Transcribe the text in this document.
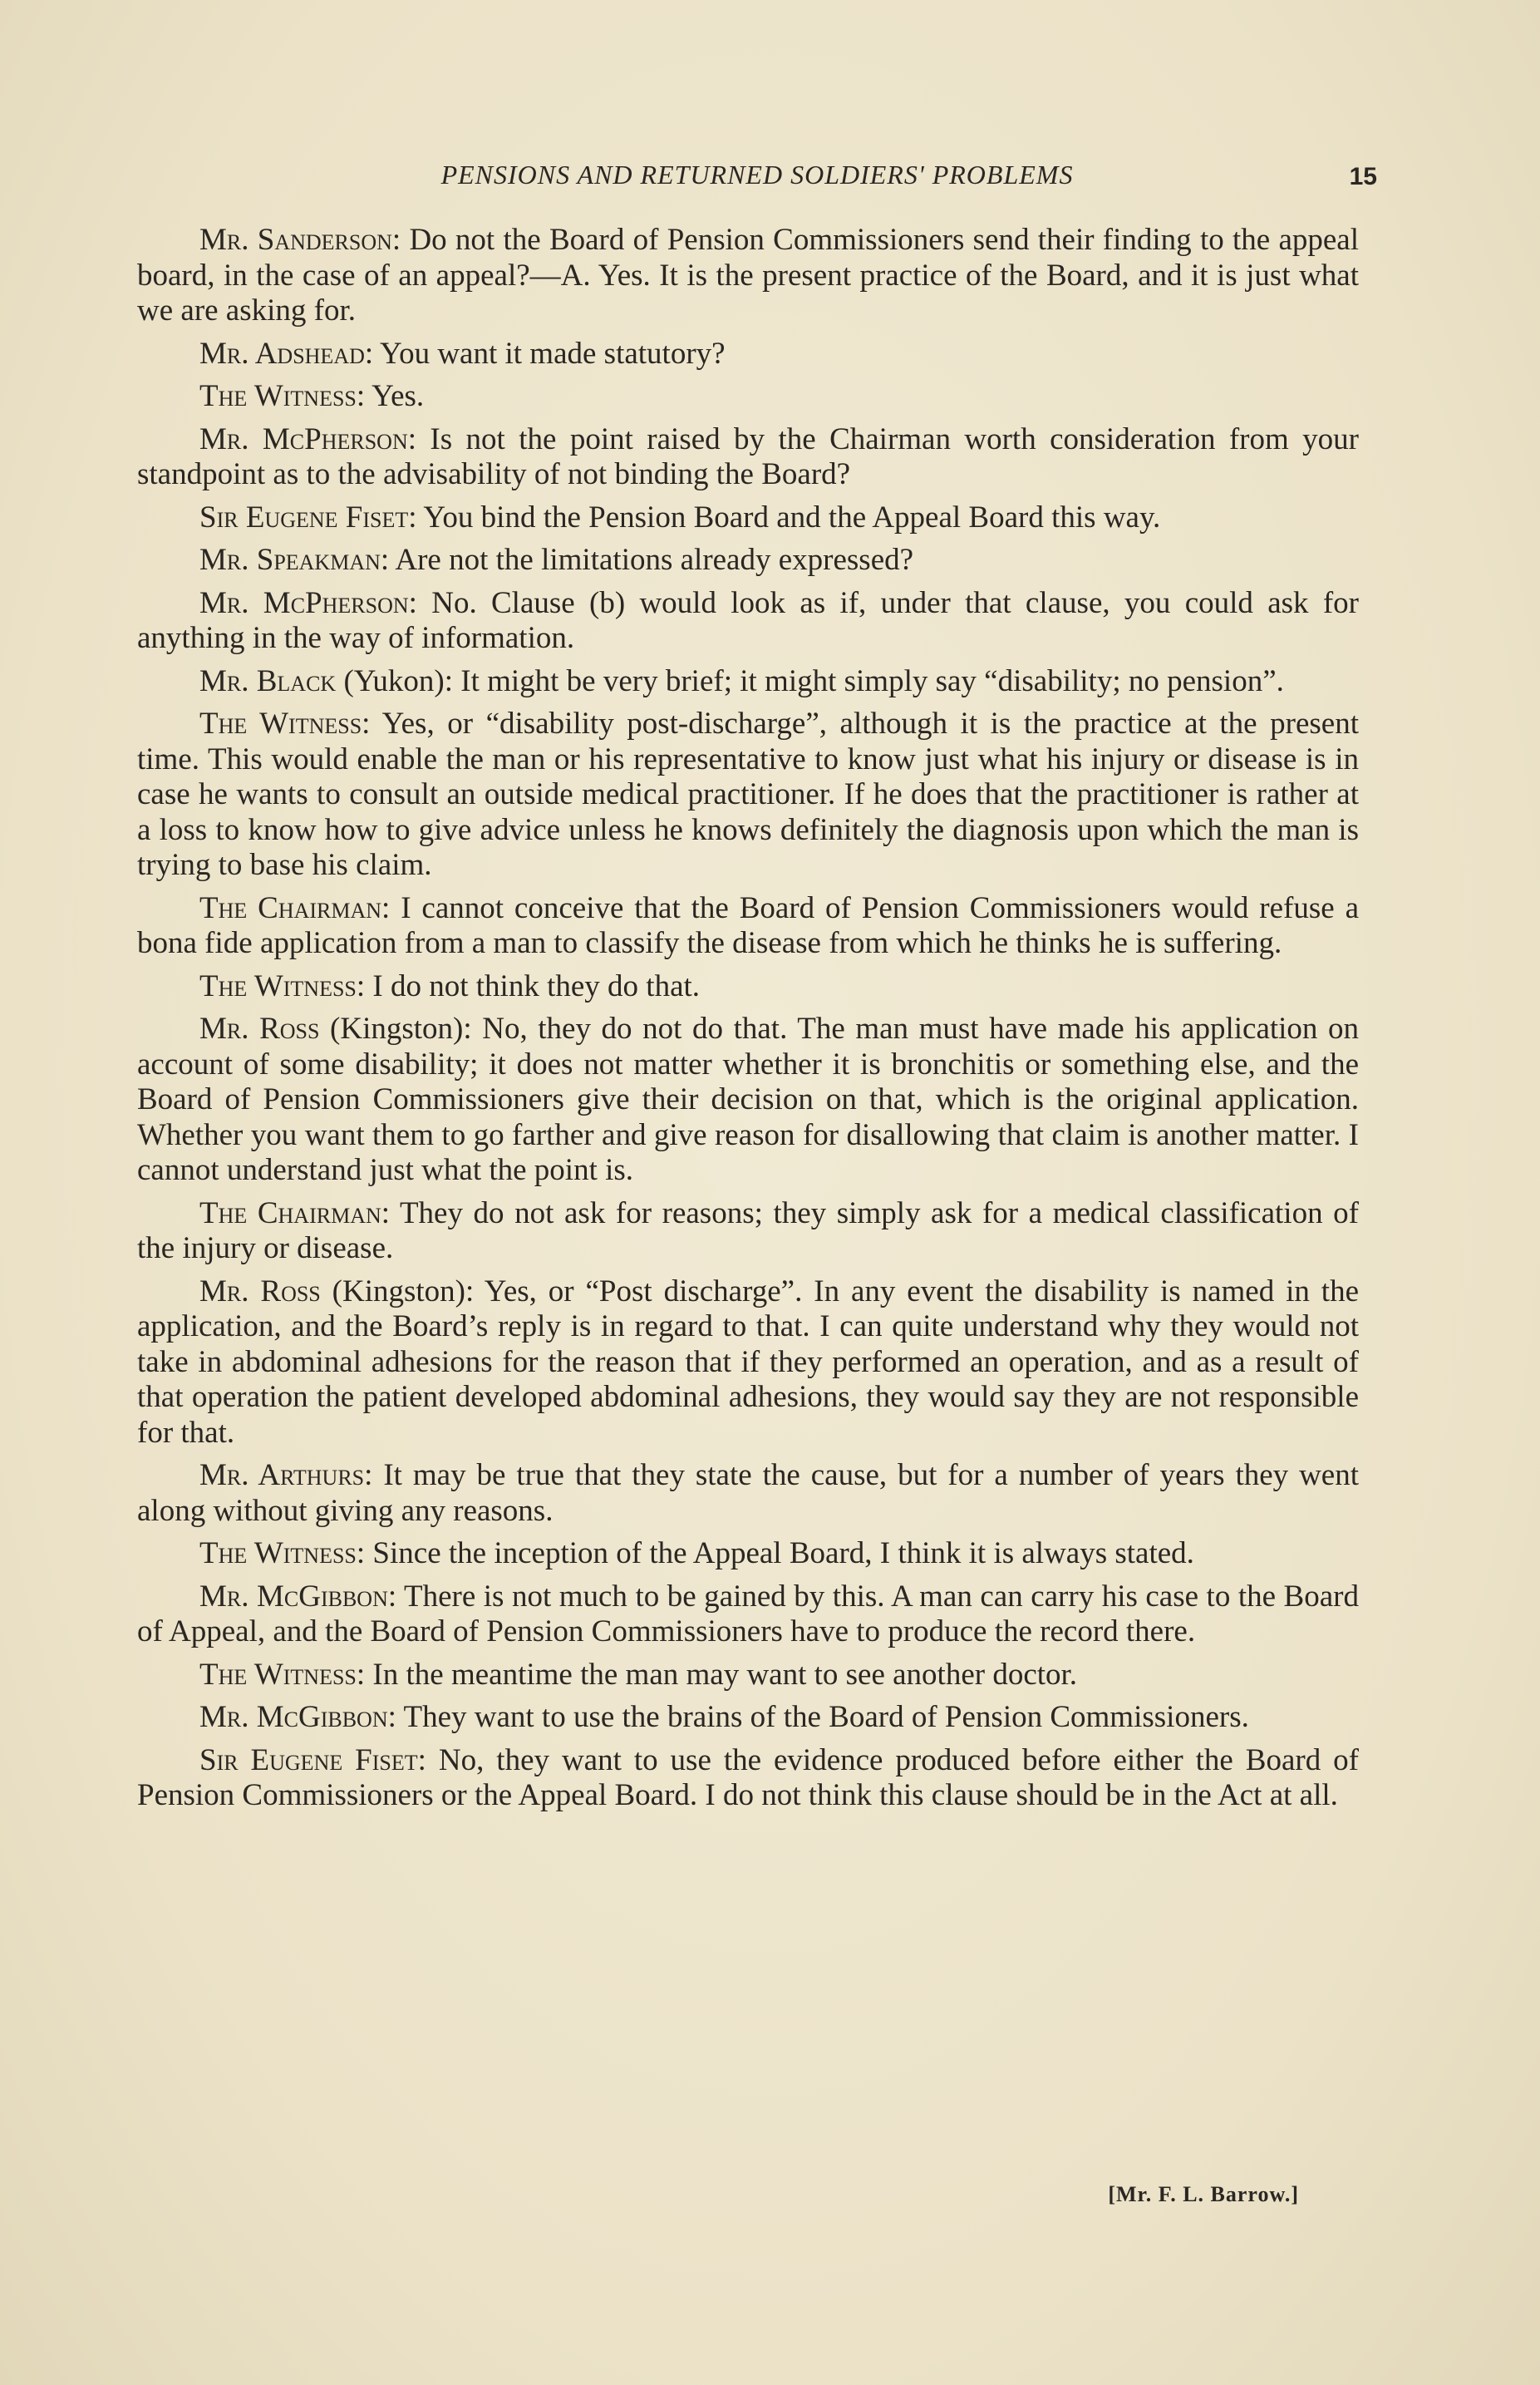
PENSIONS AND RETURNED SOLDIERS' PROBLEMS	15

Mr. Sanderson: Do not the Board of Pension Commissioners send their finding to the appeal board, in the case of an appeal?—A. Yes. It is the present practice of the Board, and it is just what we are asking for.

Mr. Adshead: You want it made statutory?

The Witness: Yes.

Mr. McPherson: Is not the point raised by the Chairman worth consideration from your standpoint as to the advisability of not binding the Board?

Sir Eugene Fiset: You bind the Pension Board and the Appeal Board this way.

Mr. Speakman: Are not the limitations already expressed?

Mr. McPherson: No. Clause (b) would look as if, under that clause, you could ask for anything in the way of information.

Mr. Black (Yukon): It might be very brief; it might simply say “disability; no pension”.

The Witness: Yes, or “disability post-discharge”, although it is the practice at the present time. This would enable the man or his representative to know just what his injury or disease is in case he wants to consult an outside medical practitioner. If he does that the practitioner is rather at a loss to know how to give advice unless he knows definitely the diagnosis upon which the man is trying to base his claim.

The Chairman: I cannot conceive that the Board of Pension Commissioners would refuse a bona fide application from a man to classify the disease from which he thinks he is suffering.

The Witness: I do not think they do that.

Mr. Ross (Kingston): No, they do not do that. The man must have made his application on account of some disability; it does not matter whether it is bronchitis or something else, and the Board of Pension Commissioners give their decision on that, which is the original application. Whether you want them to go farther and give reason for disallowing that claim is another matter. I cannot understand just what the point is.

The Chairman: They do not ask for reasons; they simply ask for a medical classification of the injury or disease.

Mr. Ross (Kingston): Yes, or “Post discharge”. In any event the disability is named in the application, and the Board’s reply is in regard to that. I can quite understand why they would not take in abdominal adhesions for the reason that if they performed an operation, and as a result of that operation the patient developed abdominal adhesions, they would say they are not responsible for that.

Mr. Arthurs: It may be true that they state the cause, but for a number of years they went along without giving any reasons.

The Witness: Since the inception of the Appeal Board, I think it is always stated.

Mr. McGibbon: There is not much to be gained by this. A man can carry his case to the Board of Appeal, and the Board of Pension Commissioners have to produce the record there.

The Witness: In the meantime the man may want to see another doctor.

Mr. McGibbon: They want to use the brains of the Board of Pension Commissioners.

Sir Eugene Fiset: No, they want to use the evidence produced before either the Board of Pension Commissioners or the Appeal Board. I do not think this clause should be in the Act at all.

[Mr. F. L. Barrow.]
